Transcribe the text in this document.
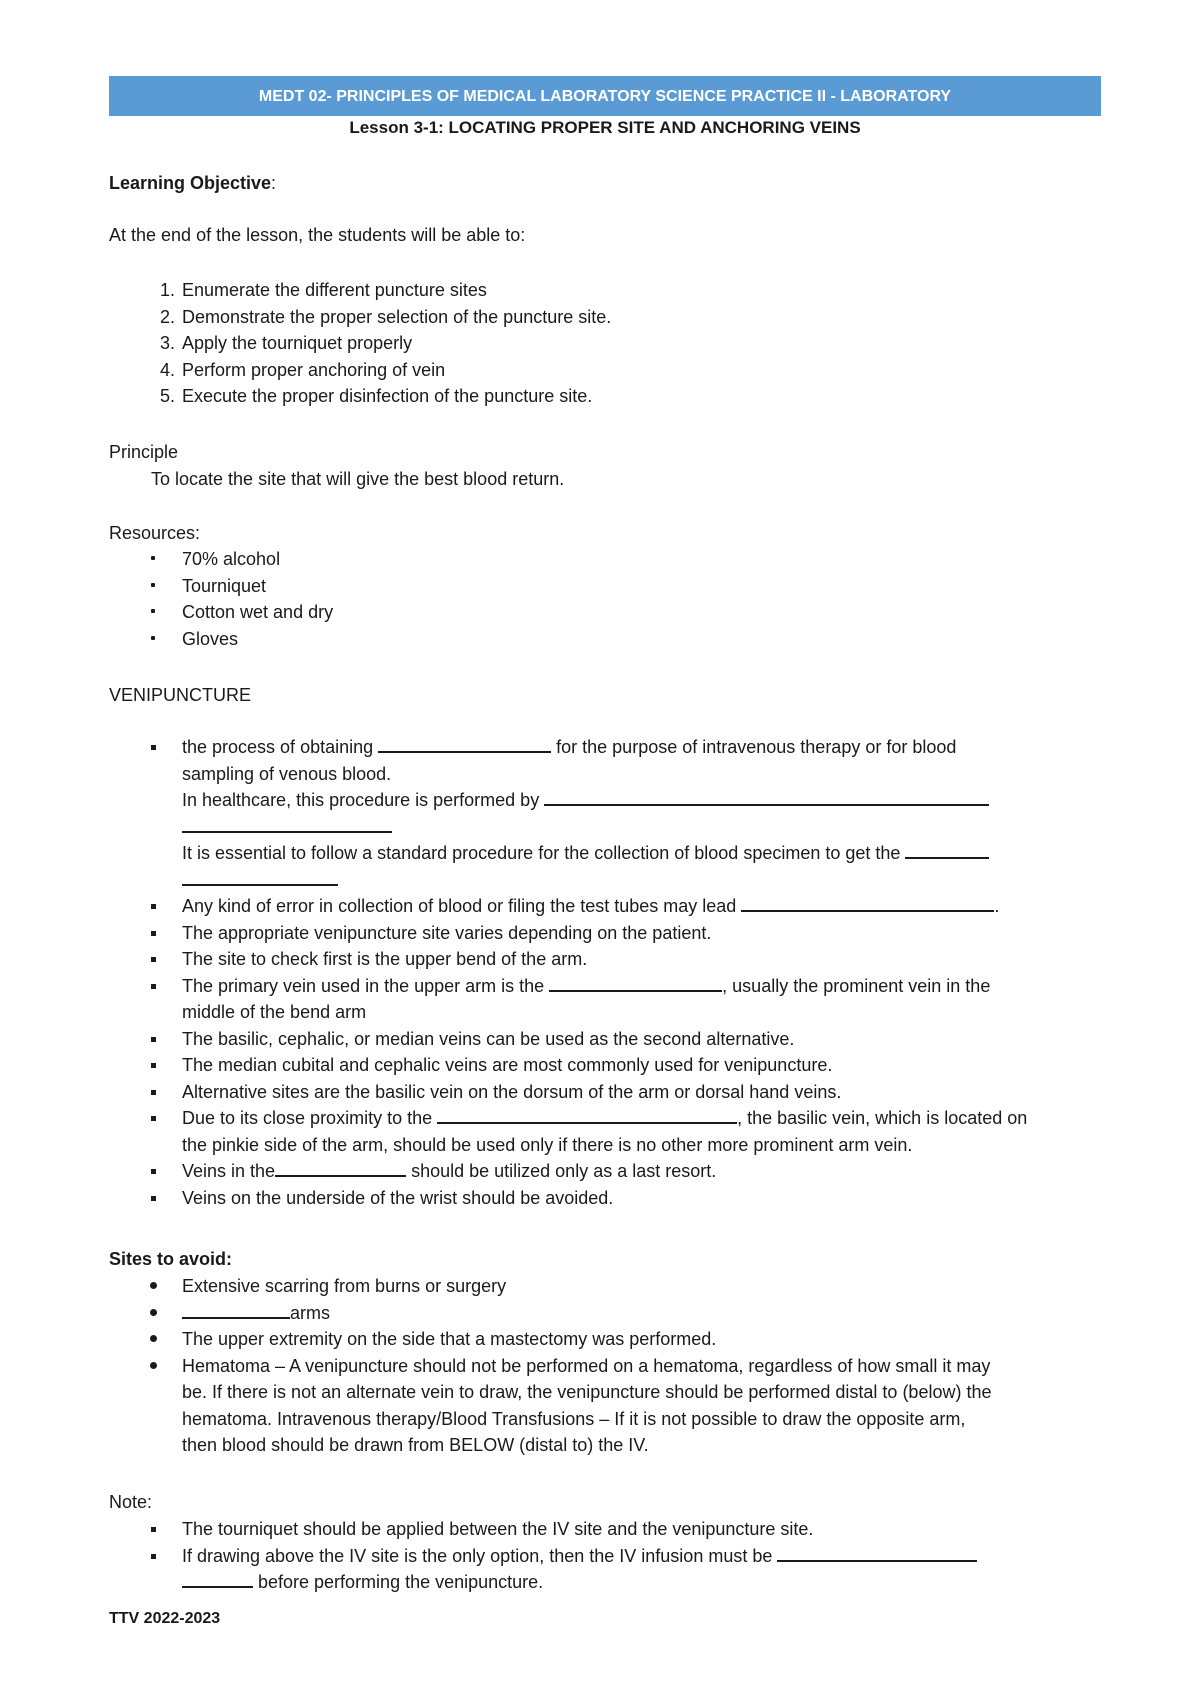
MEDT 02- PRINCIPLES OF MEDICAL LABORATORY SCIENCE PRACTICE II - LABORATORY
Lesson 3-1: LOCATING PROPER SITE AND ANCHORING VEINS
Learning Objective:
At the end of the lesson, the students will be able to:
1. Enumerate the different puncture sites
2. Demonstrate the proper selection of the puncture site.
3. Apply the tourniquet properly
4. Perform proper anchoring of vein
5. Execute the proper disinfection of the puncture site.
Principle
To locate the site that will give the best blood return.
Resources:
70% alcohol
Tourniquet
Cotton wet and dry
Gloves
VENIPUNCTURE
the process of obtaining	for the purpose of intravenous therapy or for blood
sampling of venous blood.
In healthcare, this procedure is performed by
It is essential to follow a standard procedure for the collection of blood specimen to get the
Any kind of error in collection of blood or filing the test tubes may lead	.
The appropriate venipuncture site varies depending on the patient.
The site to check first is the upper bend of the arm.
The primary vein used in the upper arm is the	, usually the prominent vein in the
middle of the bend arm
The basilic, cephalic, or median veins can be used as the second alternative.
The median cubital and cephalic veins are most commonly used for venipuncture.
Alternative sites are the basilic vein on the dorsum of the arm or dorsal hand veins.
Due to its close proximity to the	, the basilic vein, which is located on
the pinkie side of the arm, should be used only if there is no other more prominent arm vein.
Veins in the	should be utilized only as a last resort.
Veins on the underside of the wrist should be avoided.
Sites to avoid:
Extensive scarring from burns or surgery
arms
The upper extremity on the side that a mastectomy was performed.
Hematoma – A venipuncture should not be performed on a hematoma, regardless of how small it may
be. If there is not an alternate vein to draw, the venipuncture should be performed distal to (below) the
hematoma. Intravenous therapy/Blood Transfusions – If it is not possible to draw the opposite arm,
then blood should be drawn from BELOW (distal to) the IV.
Note:
The tourniquet should be applied between the IV site and the venipuncture site.
If drawing above the IV site is the only option, then the IV infusion must be
before performing the venipuncture.
TTV 2022-2023
